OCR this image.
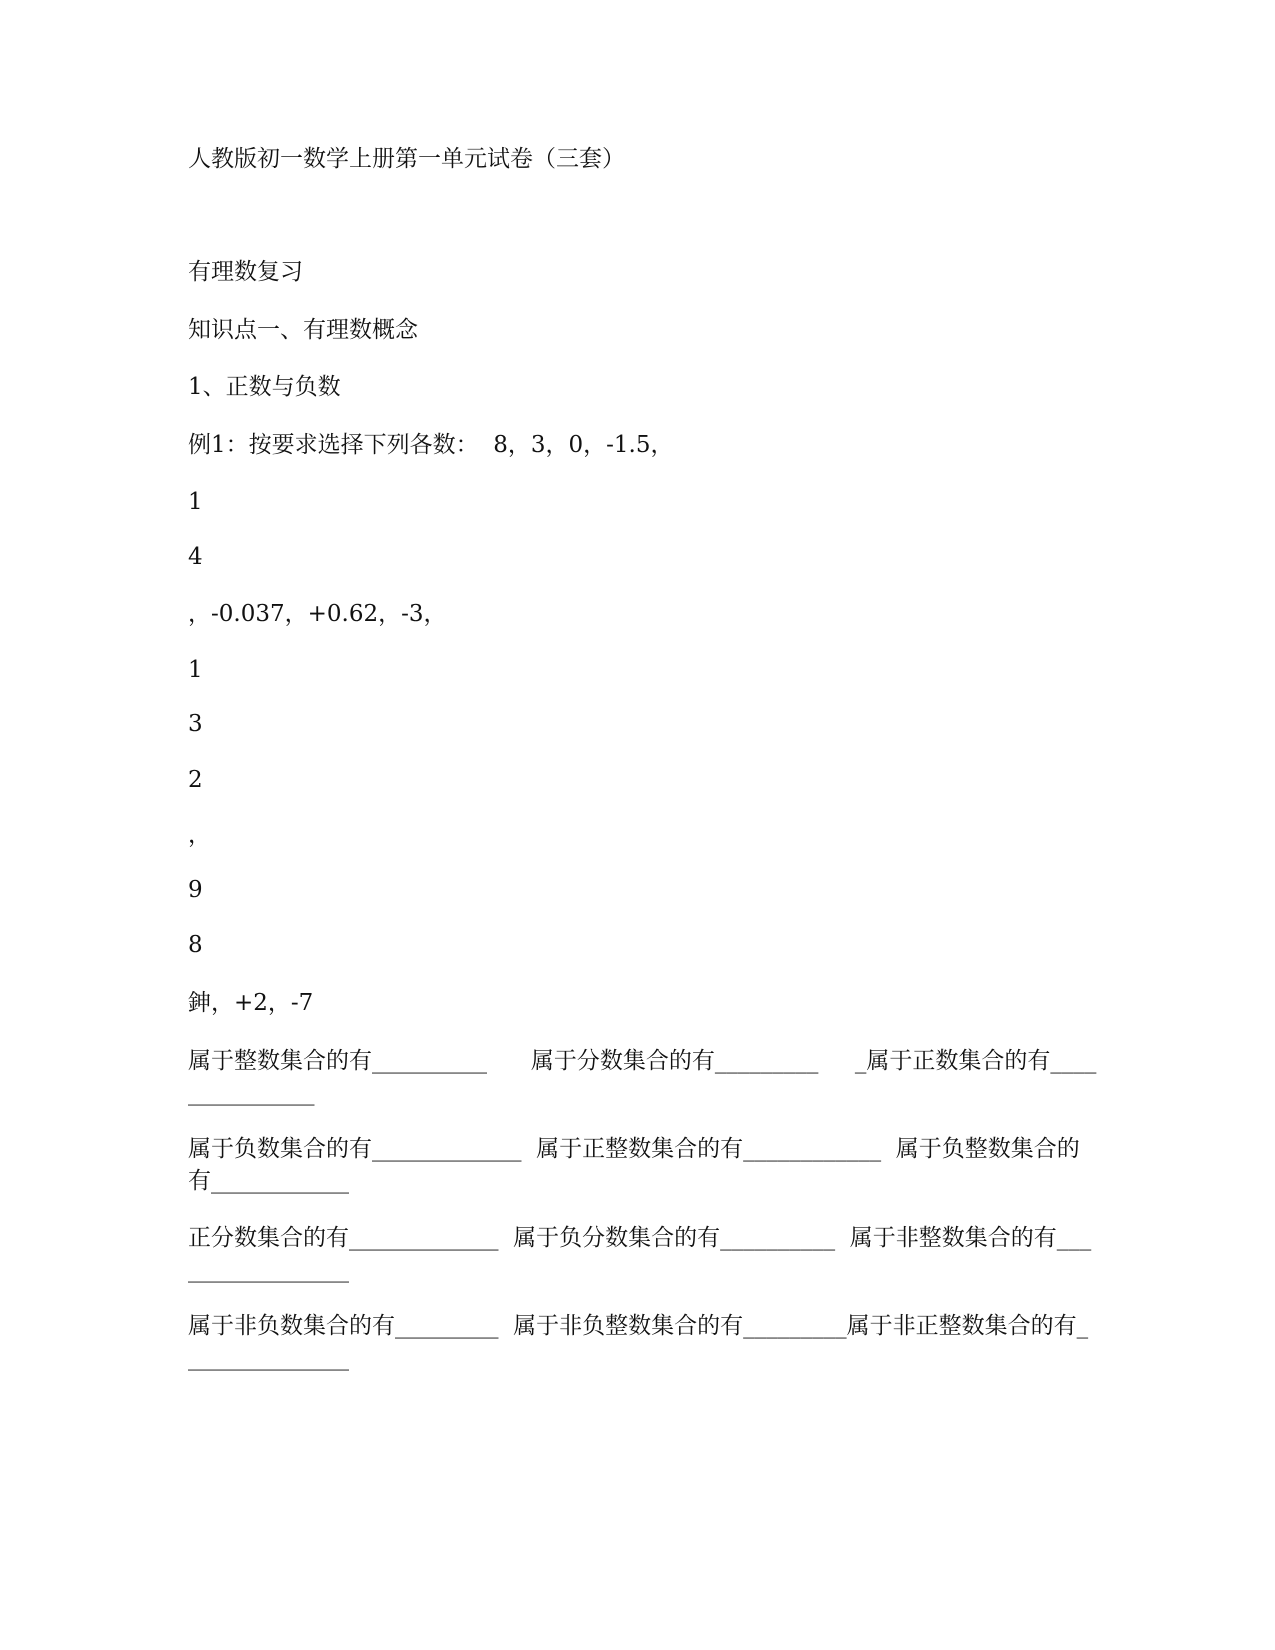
人教版初一数学上册第一单元试卷（三套）
有理数复习
知识点一、有理数概念
1、正数与负数
例1：按要求选择下列各数：  8，3，0，-1.5，
1
4
，-0.037，+0.62，-3，
1
3
2
，
9
8
鉮，+2，-7
属于整数集合的有__________      属于分数集合的有_________     _属于正数集合的有_______________
属于负数集合的有_____________  属于正整数集合的有____________  属于负整数集合的有____________
正分数集合的有_____________  属于负分数集合的有__________  属于非整数集合的有_________________
属于非负数集合的有_________  属于非负整数集合的有_________属于非正整数集合的有_______________
